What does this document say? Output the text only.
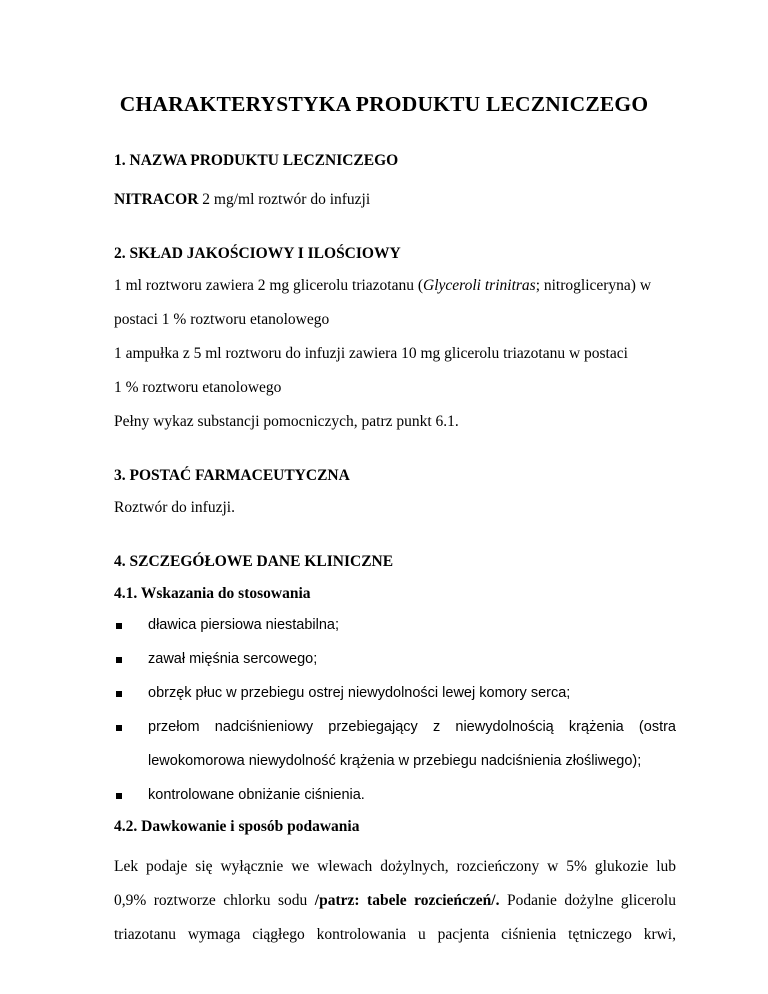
CHARAKTERYSTYKA PRODUKTU LECZNICZEGO
1. NAZWA PRODUKTU LECZNICZEGO
NITRACOR 2 mg/ml roztwór do infuzji
2. SKŁAD JAKOŚCIOWY I ILOŚCIOWY
1 ml roztworu zawiera 2 mg glicerolu triazotanu (Glyceroli trinitras; nitrogliceryna) w
postaci 1 % roztworu etanolowego
1 ampułka z 5 ml roztworu do infuzji zawiera 10 mg glicerolu triazotanu w postaci
1 % roztworu etanolowego
Pełny wykaz substancji pomocniczych, patrz punkt 6.1.
3. POSTAĆ FARMACEUTYCZNA
Roztwór do infuzji.
4. SZCZEGÓŁOWE DANE KLINICZNE
4.1. Wskazania do stosowania
dławica piersiowa niestabilna;
zawał mięśnia sercowego;
obrzęk płuc w przebiegu ostrej niewydolności lewej komory serca;
przełom nadciśnieniowy przebiegający z niewydolnością krążenia (ostra
lewokomorowa niewydolność krążenia w przebiegu nadciśnienia złośliwego);
kontrolowane obniżanie ciśnienia.
4.2. Dawkowanie i sposób podawania
Lek podaje się wyłącznie we wlewach dożylnych, rozcieńczony w 5% glukozie lub
0,9% roztworze chlorku sodu /patrz: tabele rozcieńczeń/. Podanie dożylne glicerolu
triazotanu wymaga ciągłego kontrolowania u pacjenta ciśnienia tętniczego krwi,
